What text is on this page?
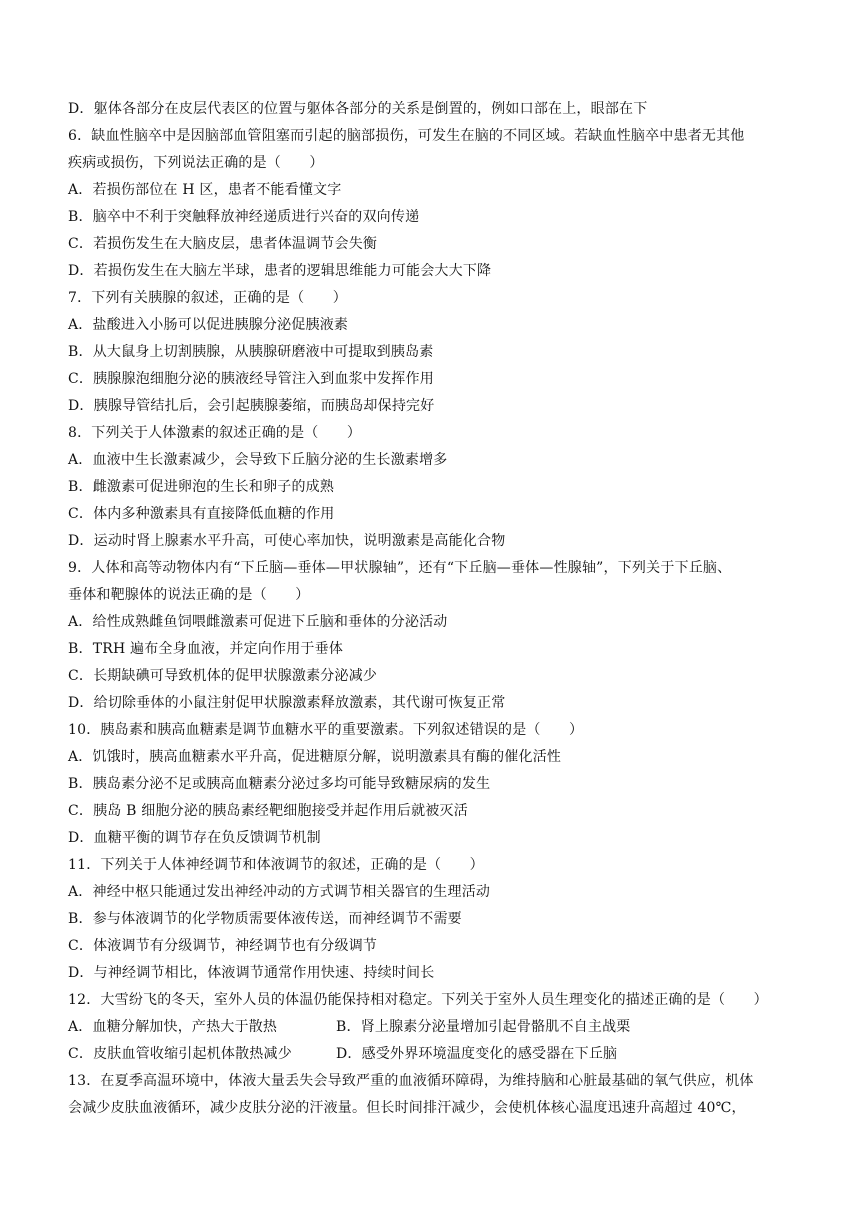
D．躯体各部分在皮层代表区的位置与躯体各部分的关系是倒置的，例如口部在上，眼部在下
6．缺血性脑卒中是因脑部血管阻塞而引起的脑部损伤，可发生在脑的不同区域。若缺血性脑卒中患者无其他
疾病或损伤，下列说法正确的是（　　）
A．若损伤部位在 H 区，患者不能看懂文字
B．脑卒中不利于突触释放神经递质进行兴奋的双向传递
C．若损伤发生在大脑皮层，患者体温调节会失衡
D．若损伤发生在大脑左半球，患者的逻辑思维能力可能会大大下降
7．下列有关胰腺的叙述，正确的是（　　）
A．盐酸进入小肠可以促进胰腺分泌促胰液素
B．从大鼠身上切割胰腺，从胰腺研磨液中可提取到胰岛素
C．胰腺腺泡细胞分泌的胰液经导管注入到血浆中发挥作用
D．胰腺导管结扎后，会引起胰腺萎缩，而胰岛却保持完好
8．下列关于人体激素的叙述正确的是（　　）
A．血液中生长激素减少，会导致下丘脑分泌的生长激素增多
B．雌激素可促进卵泡的生长和卵子的成熟
C．体内多种激素具有直接降低血糖的作用
D．运动时肾上腺素水平升高，可使心率加快，说明激素是高能化合物
9．人体和高等动物体内有“下丘脑—垂体—甲状腺轴”，还有“下丘脑—垂体—性腺轴”，下列关于下丘脑、
垂体和靶腺体的说法正确的是（　　）
A．给性成熟雌鱼饲喂雌激素可促进下丘脑和垂体的分泌活动
B．TRH 遍布全身血液，并定向作用于垂体
C．长期缺碘可导致机体的促甲状腺激素分泌减少
D．给切除垂体的小鼠注射促甲状腺激素释放激素，其代谢可恢复正常
10．胰岛素和胰高血糖素是调节血糖水平的重要激素。下列叙述错误的是（　　）
A．饥饿时，胰高血糖素水平升高，促进糖原分解，说明激素具有酶的催化活性
B．胰岛素分泌不足或胰高血糖素分泌过多均可能导致糖尿病的发生
C．胰岛 B 细胞分泌的胰岛素经靶细胞接受并起作用后就被灭活
D．血糖平衡的调节存在负反馈调节机制
11．下列关于人体神经调节和体液调节的叙述，正确的是（　　）
A．神经中枢只能通过发出神经冲动的方式调节相关器官的生理活动
B．参与体液调节的化学物质需要体液传送，而神经调节不需要
C．体液调节有分级调节，神经调节也有分级调节
D．与神经调节相比，体液调节通常作用快速、持续时间长
12．大雪纷飞的冬天，室外人员的体温仍能保持相对稳定。下列关于室外人员生理变化的描述正确的是（　　）
A．血糖分解加快，产热大于散热	B．肾上腺素分泌量增加引起骨骼肌不自主战栗
C．皮肤血管收缩引起机体散热减少	D．感受外界环境温度变化的感受器在下丘脑
13．在夏季高温环境中，体液大量丢失会导致严重的血液循环障碍，为维持脑和心脏最基础的氧气供应，机体
会减少皮肤血液循环，减少皮肤分泌的汗液量。但长时间排汗减少，会使机体核心温度迅速升高超过 40℃，
